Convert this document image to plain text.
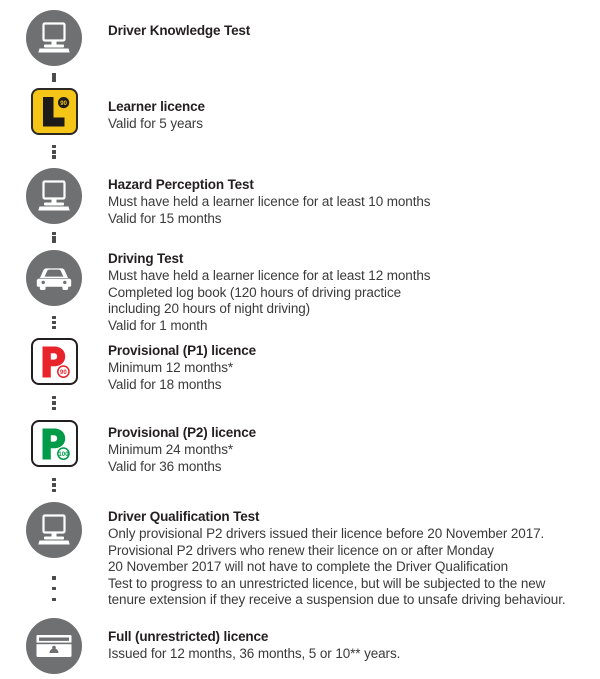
Driver Knowledge Test

90	Learner licence

Valid for 5 years

Hazard Perception Test

Must have held a learner licence for at least 10 months

Valid for 15 months

Driving Test

Must have held a learner licence for at least 12 months

Completed log book (120 hours of driving practice

including 20 hours of night driving)

Valid for 1 month

90

Provisional (P1) licence

Minimum 12 months*

Valid for 18 months

100

Provisional (P2) licence

Minimum 24 months*

Valid for 36 months

Driver Qualification Test

Only provisional P2 drivers issued their licence before 20 November 2017.

Provisional P2 drivers who renew their licence on or after Monday

20 November 2017 will not have to complete the Driver Qualification

Test to progress to an unrestricted licence, but will be subjected to the new

tenure extension if they receive a suspension due to unsafe driving behaviour.

Full (unrestricted) licence

Issued for 12 months, 36 months, 5 or 10** years.
